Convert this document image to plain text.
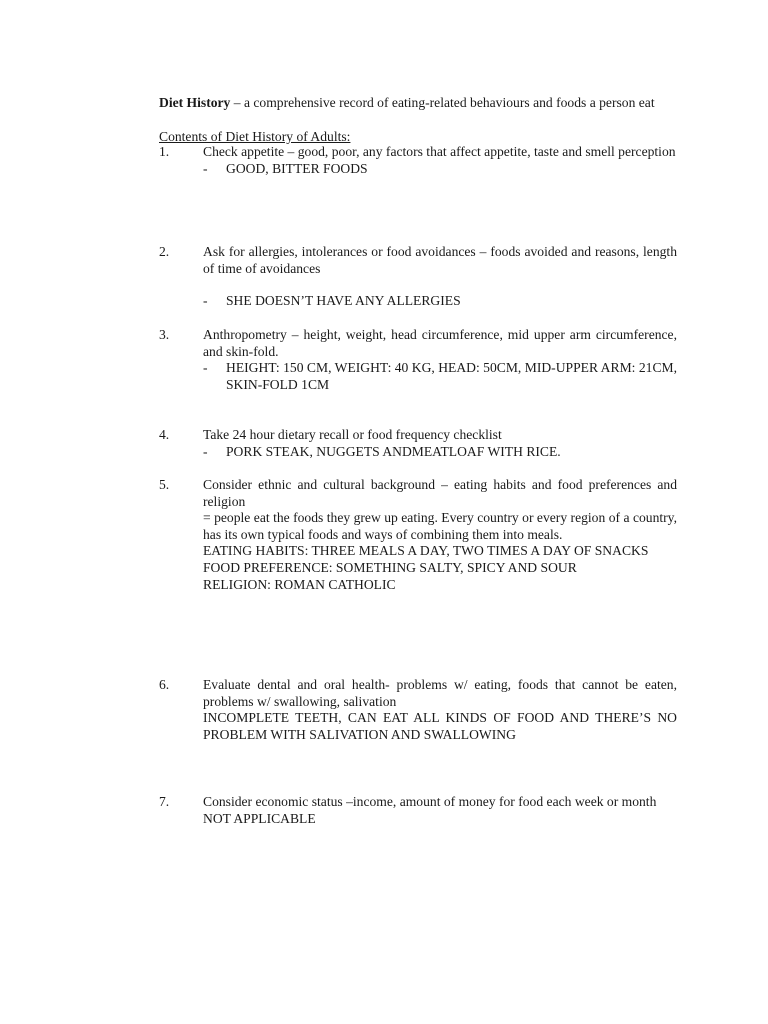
Diet History – a comprehensive record of eating-related behaviours and foods a person eat
Contents of Diet History of Adults:
1. Check appetite – good, poor, any factors that affect appetite, taste and smell perception
- GOOD, BITTER FOODS
2. Ask for allergies, intolerances or food avoidances – foods avoided and reasons, length of time of avoidances
- SHE DOESN’T HAVE ANY ALLERGIES
3. Anthropometry – height, weight, head circumference, mid upper arm circumference, and skin-fold.
- HEIGHT: 150 CM, WEIGHT: 40 KG, HEAD: 50CM, MID-UPPER ARM: 21CM, SKIN-FOLD 1CM
4. Take 24 hour dietary recall or food frequency checklist
- PORK STEAK, NUGGETS ANDMEATLOAF WITH RICE.
5. Consider ethnic and cultural background – eating habits and food preferences and religion
= people eat the foods they grew up eating. Every country or every region of a country, has its own typical foods and ways of combining them into meals.
EATING HABITS: THREE MEALS A DAY, TWO TIMES A DAY OF SNACKS
FOOD PREFERENCE: SOMETHING SALTY, SPICY AND SOUR
RELIGION: ROMAN CATHOLIC
6. Evaluate dental and oral health- problems w/ eating, foods that cannot be eaten, problems w/ swallowing, salivation
INCOMPLETE TEETH, CAN EAT ALL KINDS OF FOOD AND THERE’S NO PROBLEM WITH SALIVATION AND SWALLOWING
7. Consider economic status –income, amount of money for food each week or month
NOT APPLICABLE
